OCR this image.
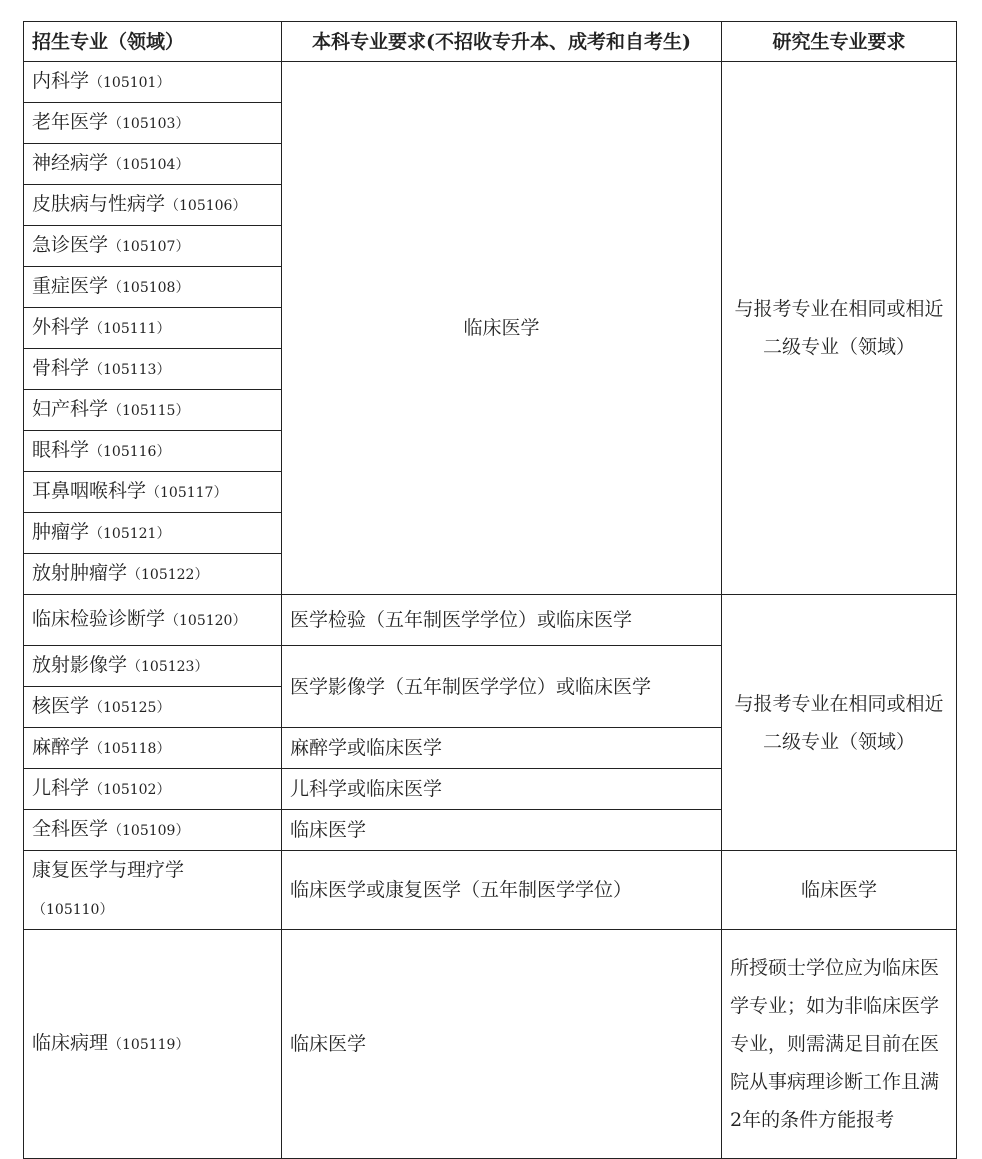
招生专业（领域）	本科专业要求(不招收专升本、成考和自考生)	研究生专业要求
内科学（105101）	临床医学	与报考专业在相同或相近二级专业（领域）
老年医学（105103）		
神经病学（105104）		
皮肤病与性病学（105106）		
急诊医学（105107）		
重症医学（105108）		
外科学（105111）		
骨科学（105113）		
妇产科学（105115）		
眼科学（105116）		
耳鼻咽喉科学（105117）		
肿瘤学（105121）		
放射肿瘤学（105122）		
临床检验诊断学（105120）	医学检验（五年制医学学位）或临床医学	与报考专业在相同或相近二级专业（领域）
放射影像学（105123）	医学影像学（五年制医学学位）或临床医学	
核医学（105125）		
麻醉学（105118）	麻醉学或临床医学	
儿科学（105102）	儿科学或临床医学	
全科医学（105109）	临床医学	
康复医学与理疗学
（105110）	临床医学或康复医学（五年制医学学位）	临床医学
临床病理（105119）	临床医学	所授硕士学位应为临床医学专业；如为非临床医学专业，则需满足目前在医院从事病理诊断工作且满2年的条件方能报考
